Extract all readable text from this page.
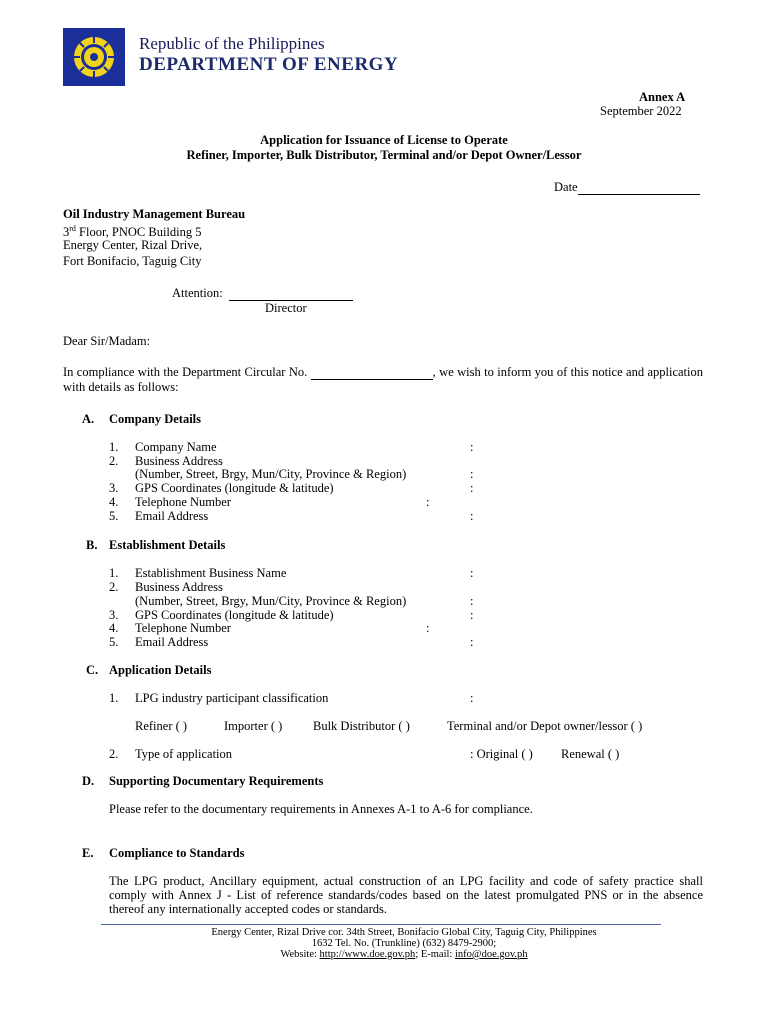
Republic of the Philippines
DEPARTMENT OF ENERGY
Annex A
September 2022
Application for Issuance of License to Operate
Refiner, Importer, Bulk Distributor, Terminal and/or Depot Owner/Lessor
Date
Oil Industry Management Bureau
3rd Floor, PNOC Building 5
Energy Center, Rizal Drive,
Fort Bonifacio, Taguig City
Attention:
Director
Dear Sir/Madam:
In compliance with the Department Circular No.	, we wish to inform you of this notice and application with details as follows:
A. Company Details
1. Company Name	:
2. Business Address
(Number, Street, Brgy, Mun/City, Province & Region)	:
3. GPS Coordinates (longitude & latitude)	:
4. Telephone Number	:
5. Email Address	:
B. Establishment Details
1. Establishment Business Name	:
2. Business Address
(Number, Street, Brgy, Mun/City, Province & Region)	:
3. GPS Coordinates (longitude & latitude)	:
4. Telephone Number	:
5. Email Address	:
C. Application Details
1. LPG industry participant classification	:
Refiner ( )	Importer ( ) Bulk Distributor ( )	Terminal and/or Depot owner/lessor ( )
2. Type of application	: Original ( ) Renewal ( )
D. Supporting Documentary Requirements
Please refer to the documentary requirements in Annexes A-1 to A-6 for compliance.
E. Compliance to Standards
The LPG product, Ancillary equipment, actual construction of an LPG facility and code of safety practice shall comply with Annex J - List of reference standards/codes based on the latest promulgated PNS or in the absence thereof any internationally accepted codes or standards.
Energy Center, Rizal Drive cor. 34th Street, Bonifacio Global City, Taguig City, Philippines
1632 Tel. No. (Trunkline) (632) 8479-2900;
Website: http://www.doe.gov.ph; E-mail: info@doe.gov.ph
